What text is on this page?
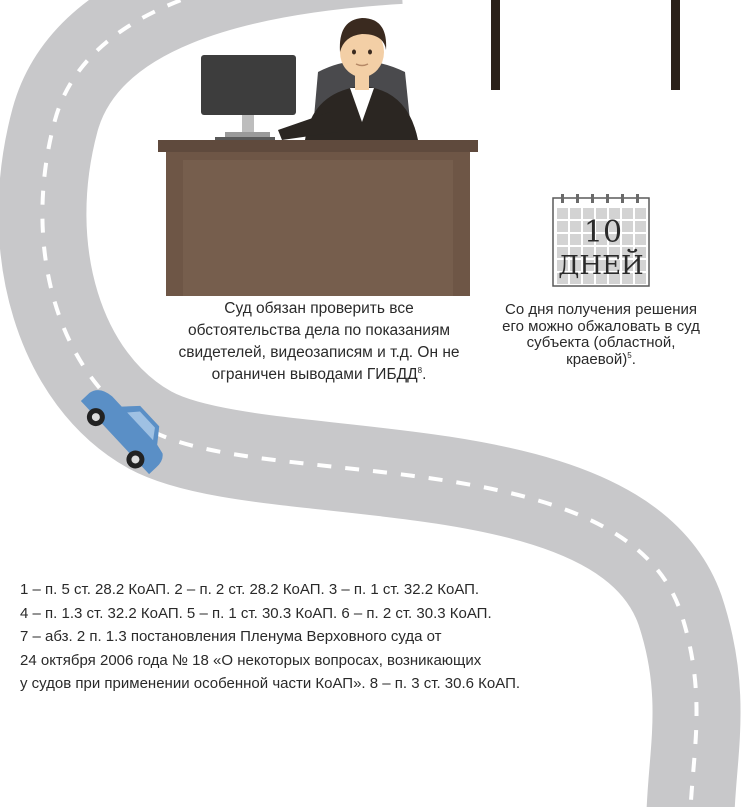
10
ДНЕЙ
Суд обязан проверить все
обстоятельства дела по показаниям
свидетелей, видеозаписям и т.д. Он не
ограничен выводами ГИБДД$^8$.
Со дня получения решения
его можно обжаловать в суд
субъекта (областной,
краевой)$^5$.
1 – п. 5 ст. 28.2 КоАП. 2 – п. 2 ст. 28.2 КоАП. 3 – п. 1 ст. 32.2 КоАП.
4 – п. 1.3 ст. 32.2 КоАП. 5 – п. 1 ст. 30.3 КоАП. 6 – п. 2 ст. 30.3 КоАП.
7 – абз. 2 п. 1.3 постановления Пленума Верховного суда от
24 октября 2006 года № 18 «О некоторых вопросах, возникающих
у судов при применении особенной части КоАП». 8 – п. 3 ст. 30.6 КоАП.
